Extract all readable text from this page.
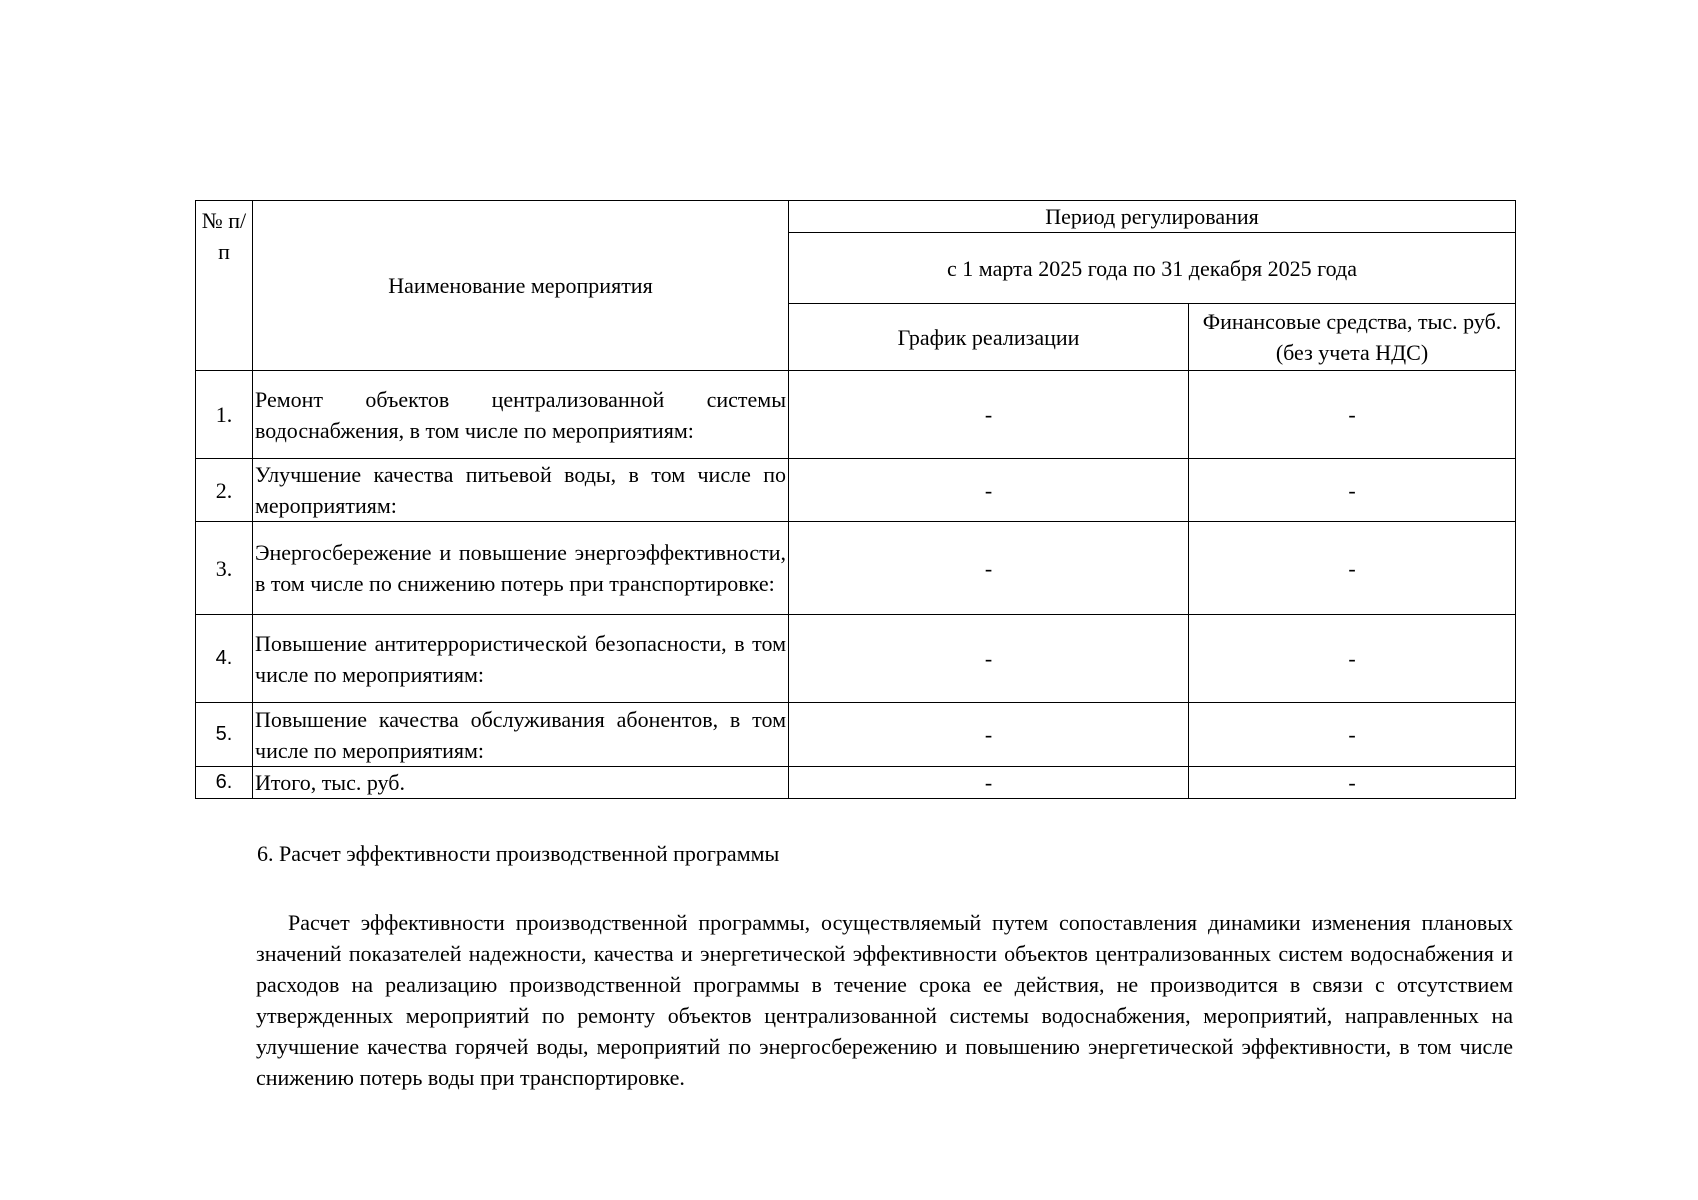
№ п/п	Наименование мероприятия	Период регулирования	
		с 1 марта 2025 года по 31 декабря 2025 года	
		График реализации	Финансовые средства, тыс. руб. (без учета НДС)
1.	Ремонт объектов централизованной системы водоснабжения, в том числе по мероприятиям:	-	-
2.	Улучшение качества питьевой воды, в том числе по мероприятиям:	-	-
3.	Энергосбережение и повышение энергоэффективности, в том числе по снижению потерь при транспортировке:	-	-
4.	Повышение антитеррористической безопасности, в том числе по мероприятиям:	-	-
5.	Повышение качества обслуживания абонентов, в том числе по мероприятиям:	-	-
6.	Итого, тыс. руб.	-	-
6. Расчет эффективности производственной программы

Расчет эффективности производственной программы, осуществляемый путем сопоставления динамики изменения плановых значений показателей надежности, качества и энергетической эффективности объектов централизованных систем водоснабжения и расходов на реализацию производственной программы в течение срока ее действия, не производится в связи с отсутствием утвержденных мероприятий по ремонту объектов централизованной системы водоснабжения, мероприятий, направленных на улучшение качества горячей воды, мероприятий по энергосбережению и повышению энергетической эффективности, в том числе снижению потерь воды при транспортировке.
